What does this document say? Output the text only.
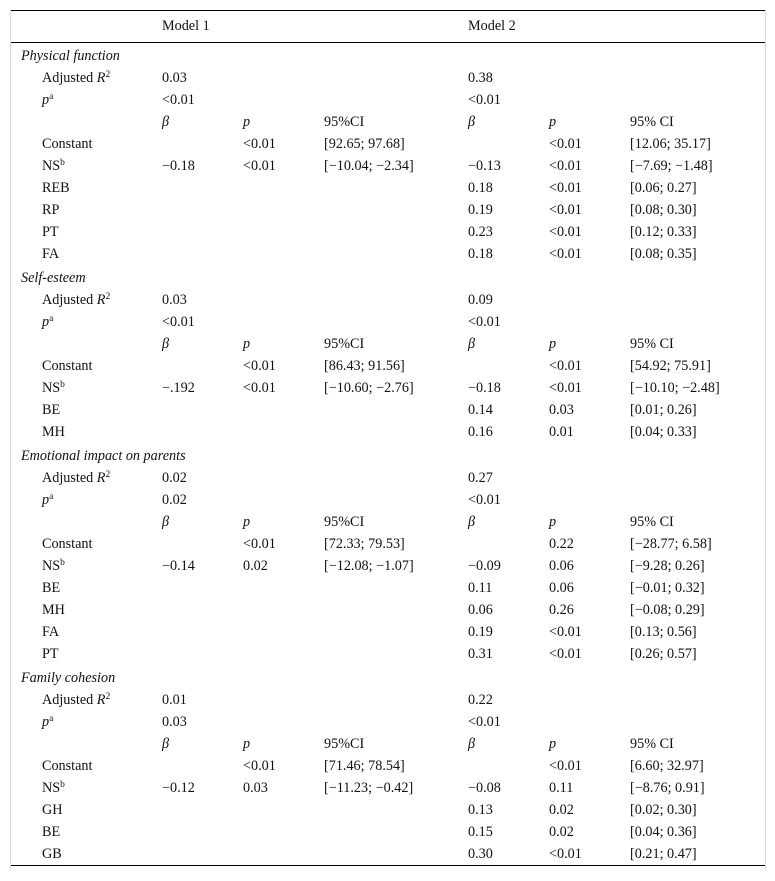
	Model 1			Model 2		
Physical function						
Adjusted $R^2$	0.03			0.38		
$p^a$	<0.01			<0.01		
	β	p	95%CI	β	p	95% CI
Constant		<0.01	[92.65; 97.68]		<0.01	[12.06; 35.17]
$NS^b$	−0.18	<0.01	[−10.04; −2.34]	−0.13	<0.01	[−7.69; −1.48]
REB				0.18	<0.01	[0.06; 0.27]
RP				0.19	<0.01	[0.08; 0.30]
PT				0.23	<0.01	[0.12; 0.33]
FA				0.18	<0.01	[0.08; 0.35]
Self-esteem						
Adjusted $R^2$	0.03			0.09		
$p^a$	<0.01			<0.01		
	β	p	95%CI	β	p	95% CI
Constant		<0.01	[86.43; 91.56]		<0.01	[54.92; 75.91]
$NS^b$	−.192	<0.01	[−10.60; −2.76]	−0.18	<0.01	[−10.10; −2.48]
BE				0.14	0.03	[0.01; 0.26]
MH				0.16	0.01	[0.04; 0.33]
Emotional impact on parents						
Adjusted $R^2$	0.02			0.27		
$p^a$	0.02			<0.01		
	β	p	95%CI	β	p	95% CI
Constant		<0.01	[72.33; 79.53]		0.22	[−28.77; 6.58]
$NS^b$	−0.14	0.02	[−12.08; −1.07]	−0.09	0.06	[−9.28; 0.26]
BE				0.11	0.06	[−0.01; 0.32]
MH				0.06	0.26	[−0.08; 0.29]
FA				0.19	<0.01	[0.13; 0.56]
PT				0.31	<0.01	[0.26; 0.57]
Family cohesion						
Adjusted $R^2$	0.01			0.22		
$p^a$	0.03			<0.01		
	β	p	95%CI	β	p	95% CI
Constant		<0.01	[71.46; 78.54]		<0.01	[6.60; 32.97]
$NS^b$	−0.12	0.03	[−11.23; −0.42]	−0.08	0.11	[−8.76; 0.91]
GH				0.13	0.02	[0.02; 0.30]
BE				0.15	0.02	[0.04; 0.36]
GB				0.30	<0.01	[0.21; 0.47]
